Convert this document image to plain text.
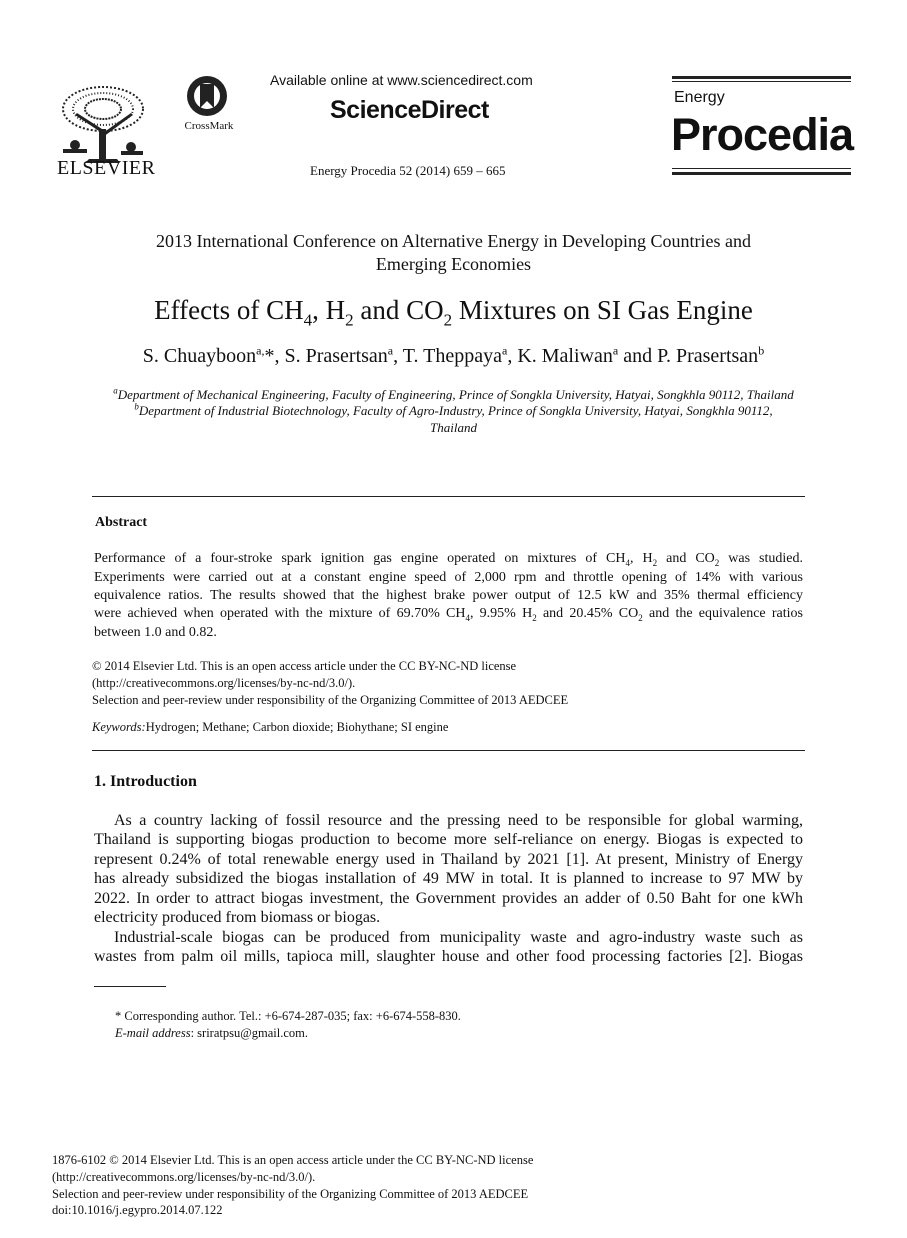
ELSEVIER
CrossMark
Available online at www.sciencedirect.com
ScienceDirect
Energy Procedia 52 (2014) 659 – 665
Energy
Procedia
2013 International Conference on Alternative Energy in Developing Countries and
Emerging Economies
Effects of $CH_4$, $H_2$ and $CO_2$ Mixtures on SI Gas Engine
S. Chuayboon$^{a,}$*, S. Prasertsan$^a$, T. Theppaya$^a$, K. Maliwan$^a$ and P. Prasertsan$^b$
$^a$Department of Mechanical Engineering, Faculty of Engineering, Prince of Songkla University, Hatyai, Songkhla 90112, Thailand
$^b$Department of Industrial Biotechnology, Faculty of Agro-Industry, Prince of Songkla University, Hatyai, Songkhla 90112,
Thailand
Abstract
Performance of a four-stroke spark ignition gas engine operated on mixtures of $CH_4$, $H_2$ and $CO_2$ was studied.
Experiments were carried out at a constant engine speed of 2,000 rpm and throttle opening of 14% with various
equivalence ratios. The results showed that the highest brake power output of 12.5 kW and 35% thermal efficiency
were achieved when operated with the mixture of 69.70% $CH_4$, 9.95% $H_2$ and 20.45% $CO_2$ and the equivalence ratios
between 1.0 and 0.82.
© 2014 Elsevier Ltd. This is an open access article under the CC BY-NC-ND license
(http://creativecommons.org/licenses/by-nc-nd/3.0/).
Selection and peer-review under responsibility of the Organizing Committee of 2013 AEDCEE
Keywords:Hydrogen; Methane; Carbon dioxide; Biohythane; SI engine
1. Introduction
As a country lacking of fossil resource and the pressing need to be responsible for global warming,
Thailand is supporting biogas production to become more self-reliance on energy. Biogas is expected to
represent 0.24% of total renewable energy used in Thailand by 2021 [1]. At present, Ministry of Energy
has already subsidized the biogas installation of 49 MW in total. It is planned to increase to 97 MW by
2022. In order to attract biogas investment, the Government provides an adder of 0.50 Baht for one kWh
electricity produced from biomass or biogas.
Industrial-scale biogas can be produced from municipality waste and agro-industry waste such as
wastes from palm oil mills, tapioca mill, slaughter house and other food processing factories [2]. Biogas
* Corresponding author. Tel.: +6-674-287-035; fax: +6-674-558-830.
E-mail address: sriratpsu@gmail.com.
1876-6102 © 2014 Elsevier Ltd. This is an open access article under the CC BY-NC-ND license
(http://creativecommons.org/licenses/by-nc-nd/3.0/).
Selection and peer-review under responsibility of the Organizing Committee of 2013 AEDCEE
doi:10.1016/j.egypro.2014.07.122
